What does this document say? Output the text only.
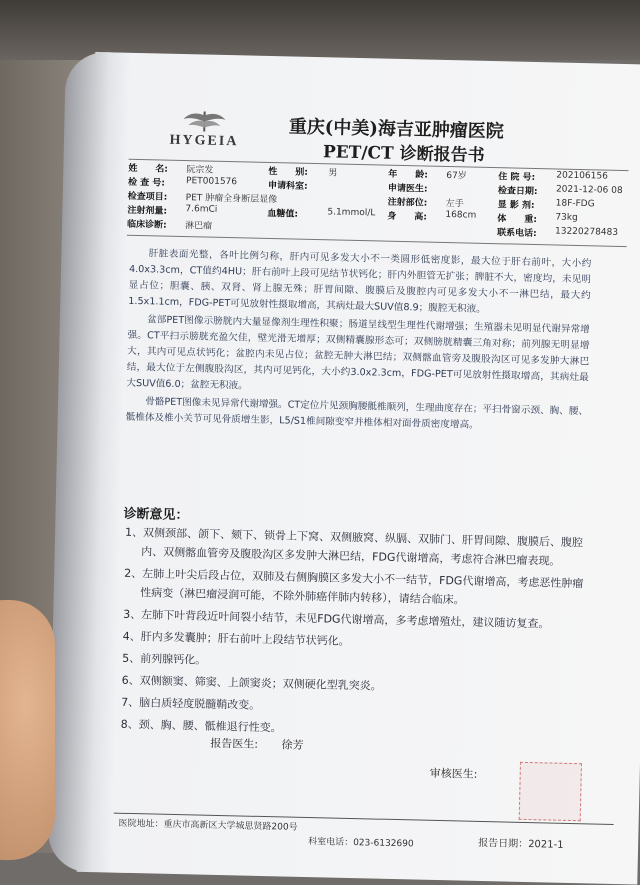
HYGEIA	重庆(中美)海吉亚肿瘤医院
PET/CT 诊断报告书
姓　　名: 阮宗发	性　　别: 男	年　　龄: 67岁	住 院 号: 202106156
检 查 号: PET001576	申请科室:	申请医生:	检查日期: 2021-12-06 08
检查项目: PET 肿瘤全身断层显像	注射部位: 左手	显 影 剂: 18F-FDG
注射剂量: 7.6mCi	血糖值:	5.1mmol/L 身　　高: 168cm 体　　重: 73kg
临床诊断: 淋巴瘤
联系电话: 13220278483

肝脏表面光整，各叶比例匀称，肝内可见多发大小不一类圆形低密度影，最大位于肝右前叶，大小约4.0x3.3cm，CT值约4HU；肝右前叶上段可见结节状钙化；肝内外胆管无扩张；脾脏不大，密度均，未见明显占位；胆囊、胰、双肾、肾上腺无殊；肝胃间隙、腹膜后及腹腔内可见多发大小不一淋巴结，最大约1.5x1.1cm，FDG-PET可见放射性摄取增高，其病灶最大SUV值8.9；腹腔无积液。

盆部PET图像示膀胱内大量显像剂生理性积聚；肠道呈线型生理性代谢增强；生殖器未见明显代谢异常增强。CT平扫示膀胱充盈欠佳，壁光滑无增厚；双侧精囊腺形态可；双侧膀胱精囊三角对称；前列腺无明显增大，其内可见点状钙化；盆腔内未见占位；盆腔无肿大淋巴结；双侧髂血管旁及腹股沟区可见多发肿大淋巴结，最大位于左侧腹股沟区，其内可见钙化，大小约3.0x2.3cm，FDG-PET可见放射性摄取增高，其病灶最大SUV值6.0；盆腔无积液。

骨骼PET图像未见异常代谢增强。CT定位片见颈胸腰骶椎顺列，生理曲度存在；平扫骨窗示颈、胸、腰、骶椎体及椎小关节可见骨质增生影，L5/S1椎间隙变窄并椎体相对面骨质密度增高。

诊断意见：
1、双侧颈部、颌下、颏下、锁骨上下窝、双侧腋窝、纵膈、双肺门、肝胃间隙、腹膜后、腹腔内、双侧髂血管旁及腹股沟区多发肿大淋巴结，FDG代谢增高，考虑符合淋巴瘤表现。
2、左肺上叶尖后段占位，双肺及右侧胸膜区多发大小不一结节，FDG代谢增高，考虑恶性肿瘤性病变（淋巴瘤浸润可能，不除外肺癌伴肺内转移），请结合临床。
3、左肺下叶背段近叶间裂小结节，未见FDG代谢增高，多考虑增殖灶，建议随访复查。
4、肝内多发囊肿；肝右前叶上段结节状钙化。
5、前列腺钙化。
6、双侧额窦、筛窦、上颌窦炎；双侧硬化型乳突炎。
7、脑白质轻度脱髓鞘改变。
8、颈、胸、腰、骶椎退行性变。
报告医生: 徐芳
审核医生:
医院地址：重庆市高新区大学城思贤路200号
科室电话：023-6132690	报告日期：2021-1
